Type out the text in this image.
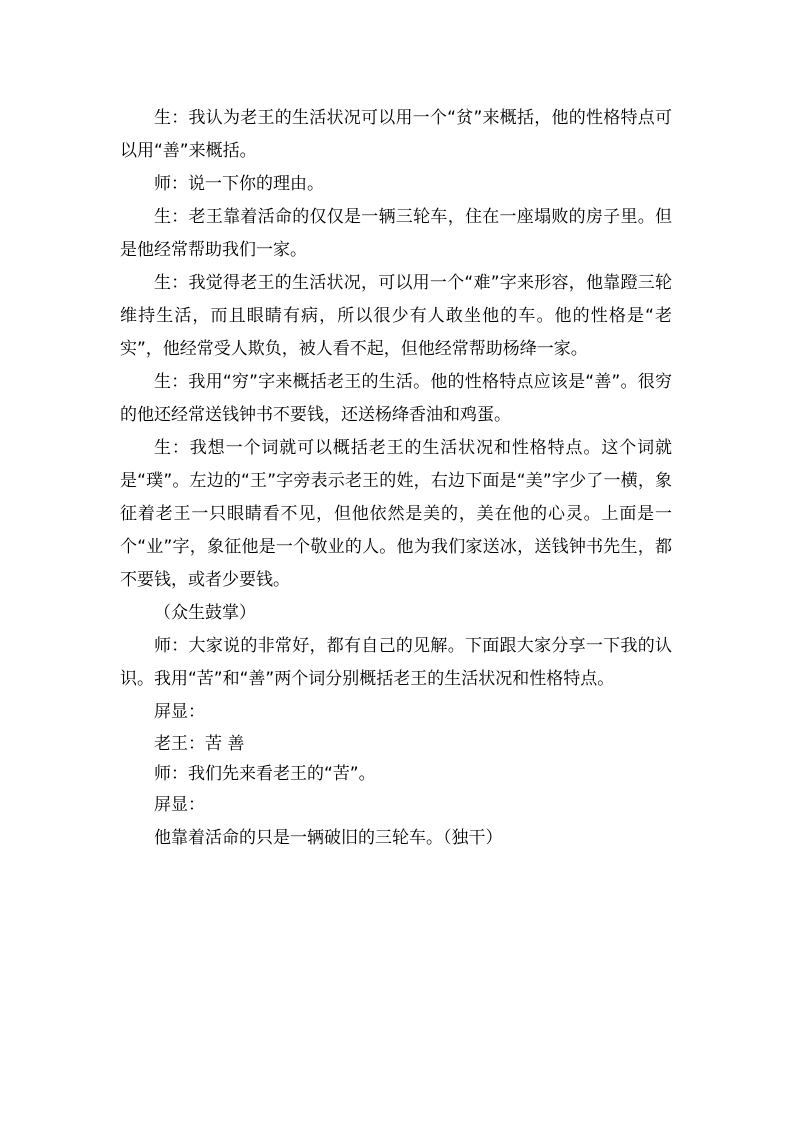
生：我认为老王的生活状况可以用一个“贫”来概括，他的性格特点可以用“善”来概括。

师：说一下你的理由。

生：老王靠着活命的仅仅是一辆三轮车，住在一座塌败的房子里。但是他经常帮助我们一家。

生：我觉得老王的生活状况，可以用一个“难”字来形容，他靠蹬三轮维持生活，而且眼睛有病，所以很少有人敢坐他的车。他的性格是“老实”，他经常受人欺负，被人看不起，但他经常帮助杨绛一家。

生：我用“穷”字来概括老王的生活。他的性格特点应该是“善”。很穷的他还经常送钱钟书不要钱，还送杨绛香油和鸡蛋。

生：我想一个词就可以概括老王的生活状况和性格特点。这个词就是“璞”。左边的“王”字旁表示老王的姓，右边下面是“美”字少了一横，象征着老王一只眼睛看不见，但他依然是美的，美在他的心灵。上面是一个“业”字，象征他是一个敬业的人。他为我们家送冰，送钱钟书先生，都不要钱，或者少要钱。

（众生鼓掌）

师：大家说的非常好，都有自己的见解。下面跟大家分享一下我的认识。我用“苦”和“善”两个词分别概括老王的生活状况和性格特点。

屏显：

老王：苦 善

师：我们先来看老王的“苦”。

屏显：

他靠着活命的只是一辆破旧的三轮车。（独干）
